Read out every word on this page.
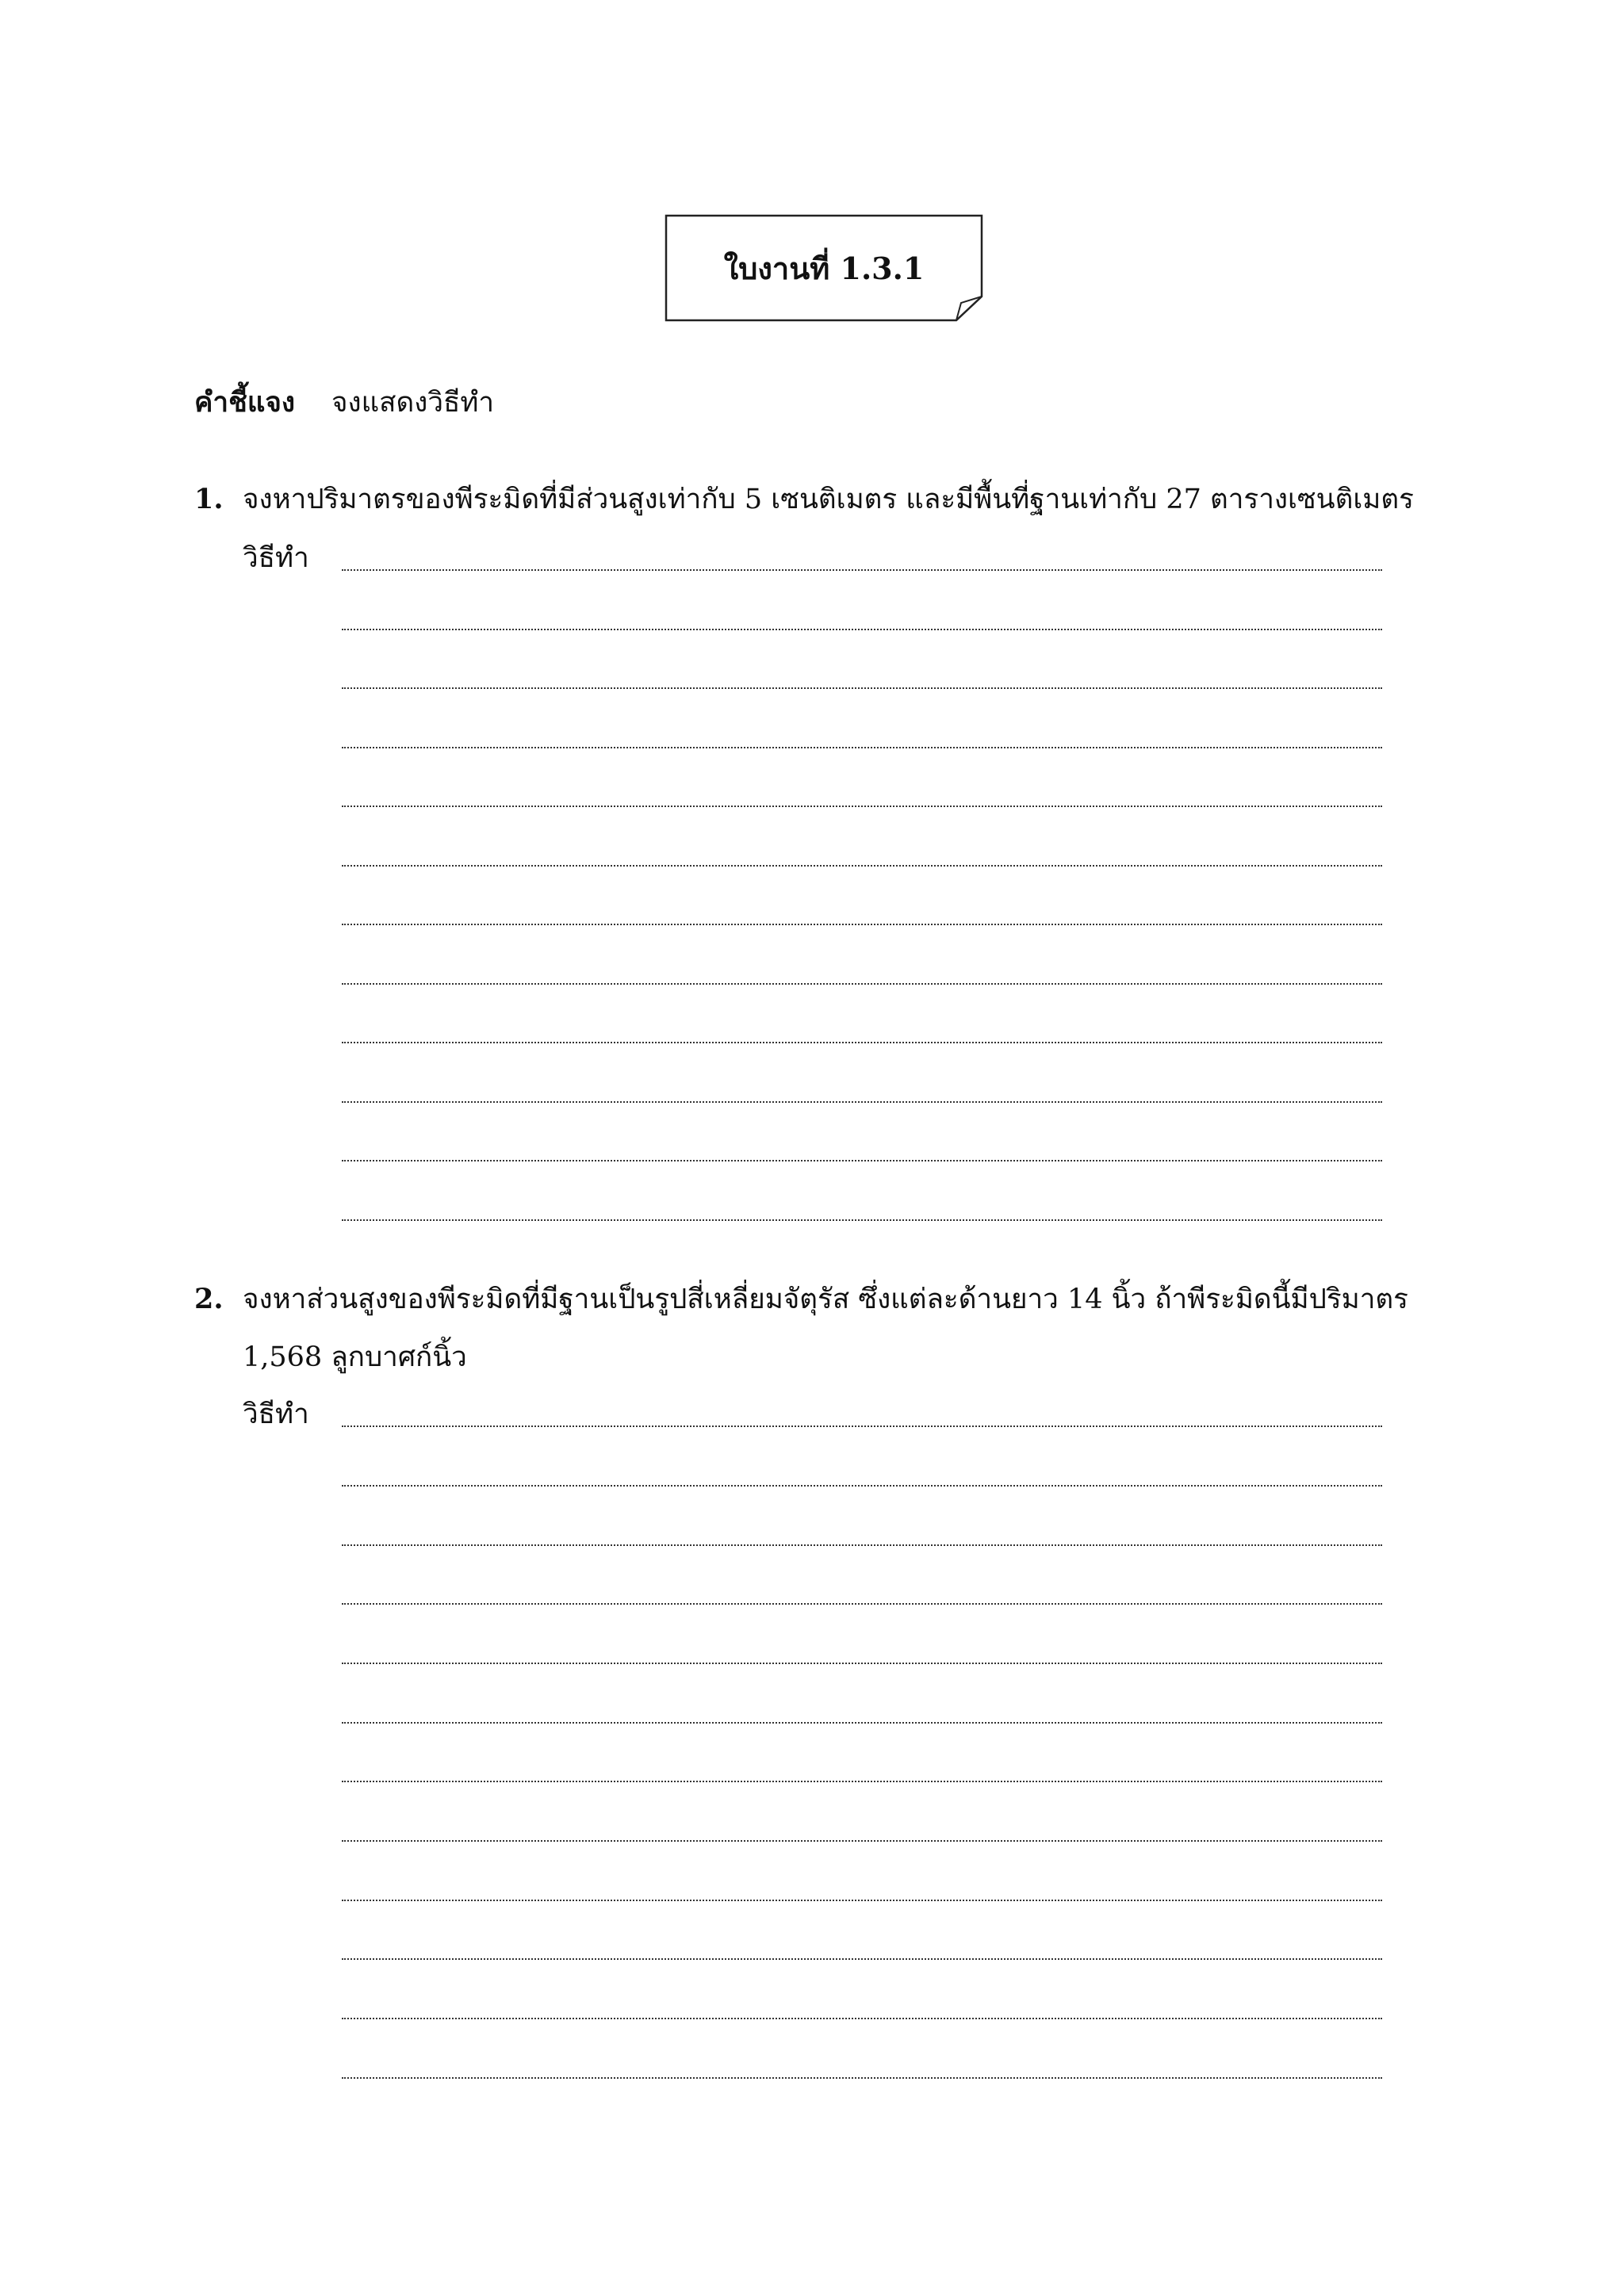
ใบงานที่ 1.3.1
คำชี้แจง จงแสดงวิธีทำ
1. จงหาปริมาตรของพีระมิดที่มีส่วนสูงเท่ากับ 5 เซนติเมตร และมีพื้นที่ฐานเท่ากับ 27 ตารางเซนติเมตร
วิธีทำ
2. จงหาส่วนสูงของพีระมิดที่มีฐานเป็นรูปสี่เหลี่ยมจัตุรัส ซึ่งแต่ละด้านยาว 14 นิ้ว ถ้าพีระมิดนี้มีปริมาตร
1,568 ลูกบาศก์นิ้ว
วิธีทำ
